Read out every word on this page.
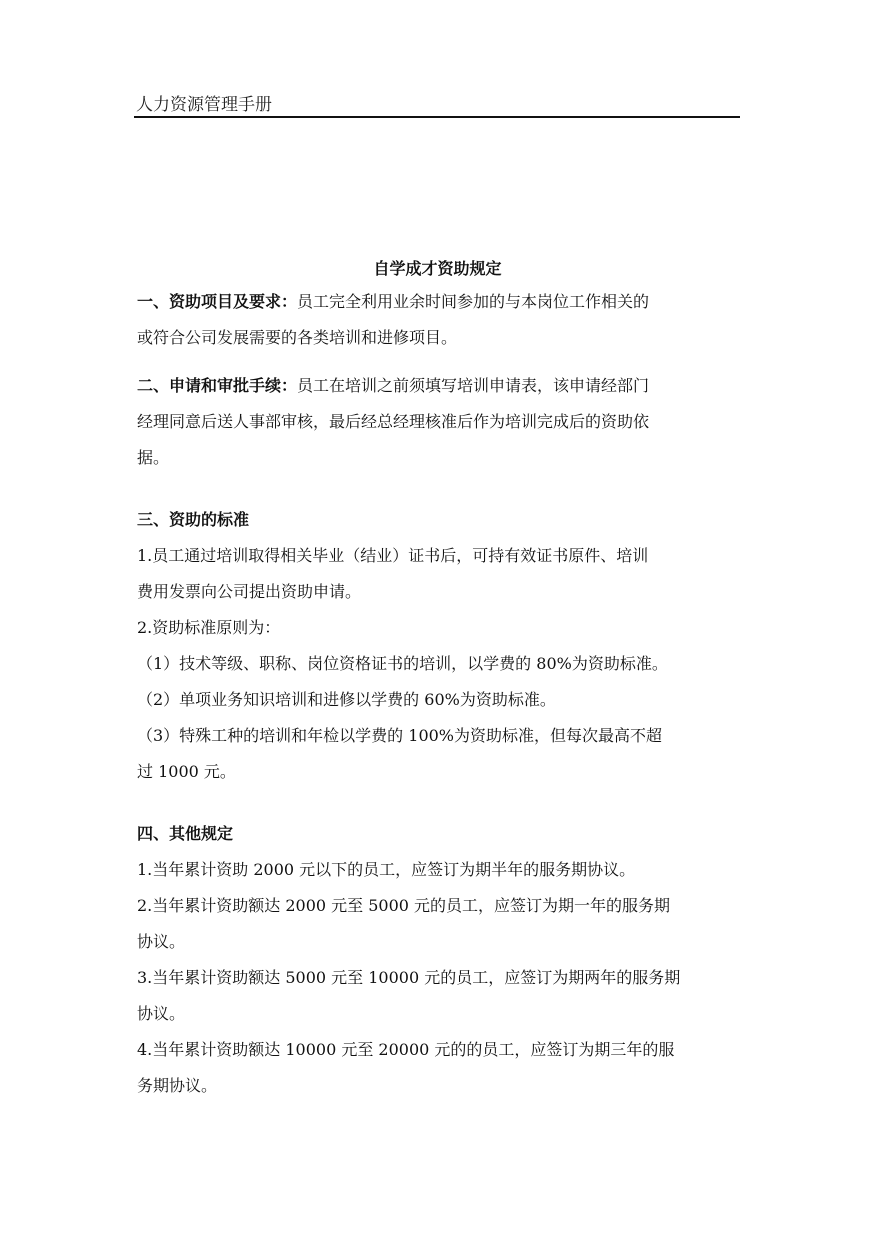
人力资源管理手册
自学成才资助规定
一、资助项目及要求：员工完全利用业余时间参加的与本岗位工作相关的
或符合公司发展需要的各类培训和进修项目。
二、申请和审批手续：员工在培训之前须填写培训申请表，该申请经部门
经理同意后送人事部审核，最后经总经理核准后作为培训完成后的资助依
据。
三、资助的标准
1.员工通过培训取得相关毕业（结业）证书后，可持有效证书原件、培训
费用发票向公司提出资助申请。
2.资助标准原则为：
（1）技术等级、职称、岗位资格证书的培训，以学费的 80%为资助标准。
（2）单项业务知识培训和进修以学费的 60%为资助标准。
（3）特殊工种的培训和年检以学费的 100%为资助标准，但每次最高不超
过 1000 元。
四、其他规定
1.当年累计资助 2000 元以下的员工，应签订为期半年的服务期协议。
2.当年累计资助额达 2000 元至 5000 元的员工，应签订为期一年的服务期
协议。
3.当年累计资助额达 5000 元至 10000 元的员工，应签订为期两年的服务期
协议。
4.当年累计资助额达 10000 元至 20000 元的的员工，应签订为期三年的服
务期协议。
